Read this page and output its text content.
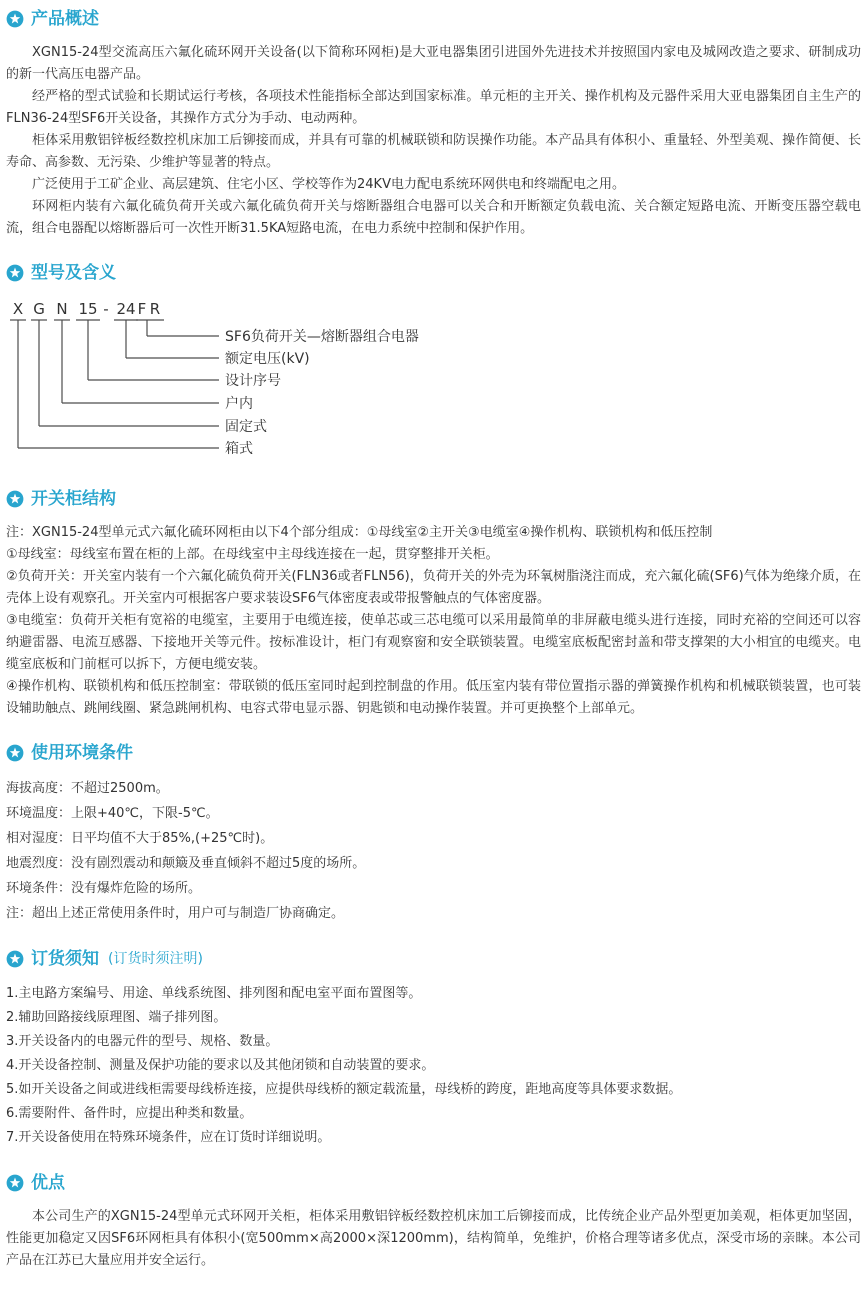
产品概述

XGN15-24型交流高压六氟化硫环网开关设备(以下简称环网柜)是大亚电器集团引进国外先进技术并按照国内家电及城网改造之要求、研制成功的新一代高压电器产品。

经严格的型式试验和长期试运行考核，各项技术性能指标全部达到国家标准。单元柜的主开关、操作机构及元器件采用大亚电器集团自主生产的FLN36-24型SF6开关设备，其操作方式分为手动、电动两种。

柜体采用敷铝锌板经数控机床加工后铆接而成，并具有可靠的机械联锁和防误操作功能。本产品具有体积小、重量轻、外型美观、操作简便、长寿命、高参数、无污染、少维护等显著的特点。

广泛使用于工矿企业、高层建筑、住宅小区、学校等作为24KV电力配电系统环网供电和终端配电之用。

环网柜内装有六氟化硫负荷开关或六氟化硫负荷开关与熔断器组合电器可以关合和开断额定负载电流、关合额定短路电流、开断变压器空载电流，组合电器配以熔断器后可一次性开断31.5KA短路电流，在电力系统中控制和保护作用。

型号及含义
X G N 15 - 24 F R
SF6负荷开关—熔断器组合电器
额定电压(kV)
设计序号
户内
固定式
箱式
开关柜结构

注：XGN15-24型单元式六氟化硫环网柜由以下4个部分组成：①母线室②主开关③电缆室④操作机构、联锁机构和低压控制

①母线室：母线室布置在柜的上部。在母线室中主母线连接在一起，贯穿整排开关柜。

②负荷开关：开关室内装有一个六氟化硫负荷开关(FLN36或者FLN56)，负荷开关的外壳为环氧树脂浇注而成，充六氟化硫(SF6)气体为绝缘介质，在壳体上设有观察孔。开关室内可根据客户要求装设SF6气体密度表或带报警触点的气体密度器。

③电缆室：负荷开关柜有宽裕的电缆室，主要用于电缆连接，使单芯或三芯电缆可以采用最简单的非屏蔽电缆头进行连接，同时充裕的空间还可以容纳避雷器、电流互感器、下接地开关等元件。按标准设计，柜门有观察窗和安全联锁装置。电缆室底板配密封盖和带支撑架的大小相宜的电缆夹。电缆室底板和门前框可以拆下，方便电缆安装。

④操作机构、联锁机构和低压控制室：带联锁的低压室同时起到控制盘的作用。低压室内装有带位置指示器的弹簧操作机构和机械联锁装置，也可装设辅助触点、跳闸线圈、紧急跳闸机构、电容式带电显示器、钥匙锁和电动操作装置。并可更换整个上部单元。

使用环境条件

海拔高度：不超过2500m。

环境温度：上限+40℃，下限-5℃。

相对湿度：日平均值不大于85%,(+25℃时)。

地震烈度：没有剧烈震动和颠簸及垂直倾斜不超过5度的场所。

环境条件：没有爆炸危险的场所。

注：超出上述正常使用条件时，用户可与制造厂协商确定。

订货须知 (订货时须注明)

1.主电路方案编号、用途、单线系统图、排列图和配电室平面布置图等。

2.辅助回路接线原理图、端子排列图。

3.开关设备内的电器元件的型号、规格、数量。

4.开关设备控制、测量及保护功能的要求以及其他闭锁和自动装置的要求。

5.如开关设备之间或进线柜需要母线桥连接，应提供母线桥的额定载流量，母线桥的跨度，距地高度等具体要求数据。

6.需要附件、备件时，应提出种类和数量。

7.开关设备使用在特殊环境条件，应在订货时详细说明。

优点

本公司生产的XGN15-24型单元式环网开关柜，柜体采用敷铝锌板经数控机床加工后铆接而成，比传统企业产品外型更加美观，柜体更加坚固，性能更加稳定又因SF6环网柜具有体积小(宽500mm×高2000×深1200mm)，结构简单，免维护，价格合理等诸多优点，深受市场的亲睐。本公司产品在江苏已大量应用并安全运行。
